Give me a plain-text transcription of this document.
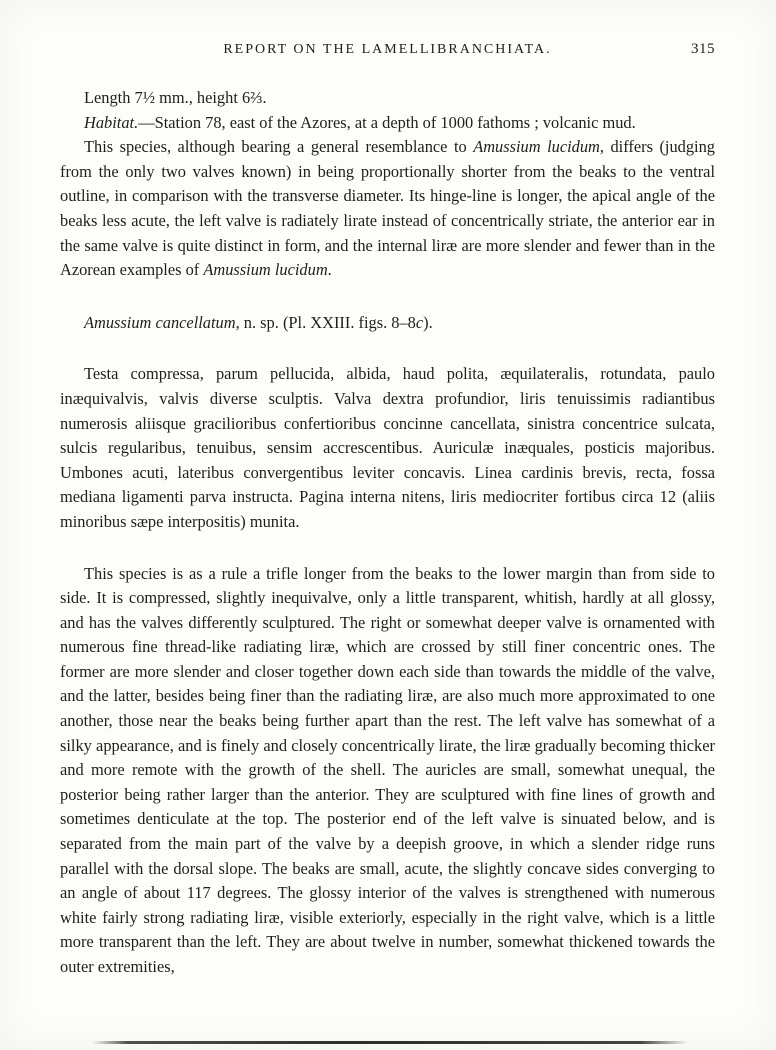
REPORT ON THE LAMELLIBRANCHIATA.	315

Length 7½ mm., height 6⅔.

Habitat.—Station 78, east of the Azores, at a depth of 1000 fathoms ; volcanic mud.

This species, although bearing a general resemblance to Amussium lucidum, differs (judging from the only two valves known) in being proportionally shorter from the beaks to the ventral outline, in comparison with the transverse diameter. Its hinge-line is longer, the apical angle of the beaks less acute, the left valve is radiately lirate instead of concentrically striate, the anterior ear in the same valve is quite distinct in form, and the internal liræ are more slender and fewer than in the Azorean examples of Amussium lucidum.

Amussium cancellatum, n. sp. (Pl. XXIII. figs. 8–8c).

Testa compressa, parum pellucida, albida, haud polita, æquilateralis, rotundata, paulo inæquivalvis, valvis diverse sculptis. Valva dextra profundior, liris tenuissimis radiantibus numerosis aliisque gracilioribus confertioribus concinne cancellata, sinistra concentrice sulcata, sulcis regularibus, tenuibus, sensim accrescentibus. Auriculæ inæquales, posticis majoribus. Umbones acuti, lateribus convergentibus leviter concavis. Linea cardinis brevis, recta, fossa mediana ligamenti parva instructa. Pagina interna nitens, liris mediocriter fortibus circa 12 (aliis minoribus sæpe interpositis) munita.

This species is as a rule a trifle longer from the beaks to the lower margin than from side to side. It is compressed, slightly inequivalve, only a little transparent, whitish, hardly at all glossy, and has the valves differently sculptured. The right or somewhat deeper valve is ornamented with numerous fine thread-like radiating liræ, which are crossed by still finer concentric ones. The former are more slender and closer together down each side than towards the middle of the valve, and the latter, besides being finer than the radiating liræ, are also much more approximated to one another, those near the beaks being further apart than the rest. The left valve has somewhat of a silky appearance, and is finely and closely concentrically lirate, the liræ gradually becoming thicker and more remote with the growth of the shell. The auricles are small, somewhat unequal, the posterior being rather larger than the anterior. They are sculptured with fine lines of growth and sometimes denticulate at the top. The posterior end of the left valve is sinuated below, and is separated from the main part of the valve by a deepish groove, in which a slender ridge runs parallel with the dorsal slope. The beaks are small, acute, the slightly concave sides converging to an angle of about 117 degrees. The glossy interior of the valves is strengthened with numerous white fairly strong radiating liræ, visible exteriorly, especially in the right valve, which is a little more transparent than the left. They are about twelve in number, somewhat thickened towards the outer extremities,
